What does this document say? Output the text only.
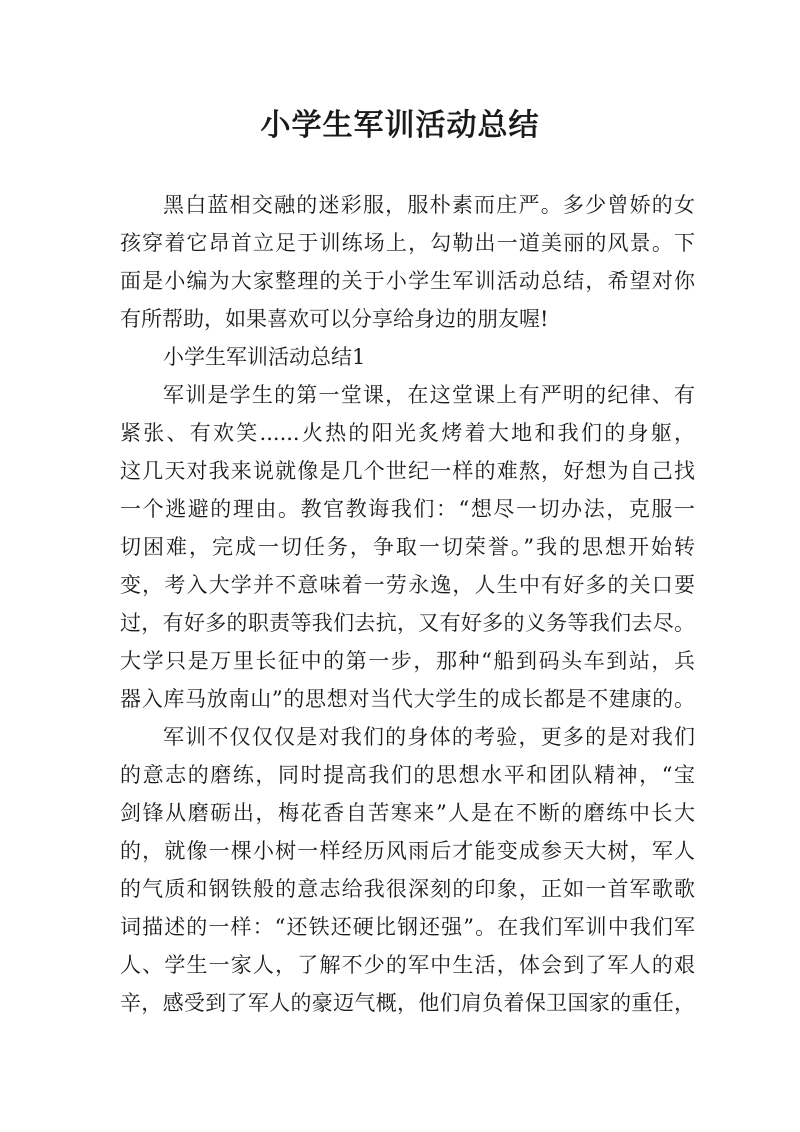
小学生军训活动总结

黑白蓝相交融的迷彩服，服朴素而庄严。多少曾娇的女

孩穿着它昂首立足于训练场上，勾勒出一道美丽的风景。下

面是小编为大家整理的关于小学生军训活动总结，希望对你

有所帮助，如果喜欢可以分享给身边的朋友喔!

小学生军训活动总结1

军训是学生的第一堂课，在这堂课上有严明的纪律、有

紧张、有欢笑......火热的阳光炙烤着大地和我们的身躯，

这几天对我来说就像是几个世纪一样的难熬，好想为自己找

一个逃避的理由。教官教诲我们：“想尽一切办法，克服一

切困难，完成一切任务，争取一切荣誉。”我的思想开始转

变，考入大学并不意味着一劳永逸，人生中有好多的关口要

过，有好多的职责等我们去抗，又有好多的义务等我们去尽。

大学只是万里长征中的第一步，那种“船到码头车到站，兵

器入库马放南山”的思想对当代大学生的成长都是不建康的。

军训不仅仅仅是对我们的身体的考验，更多的是对我们

的意志的磨练，同时提高我们的思想水平和团队精神，“宝

剑锋从磨砺出，梅花香自苦寒来”人是在不断的磨练中长大

的，就像一棵小树一样经历风雨后才能变成参天大树，军人

的气质和钢铁般的意志给我很深刻的印象，正如一首军歌歌

词描述的一样：“还铁还硬比钢还强”。在我们军训中我们军

人、学生一家人，了解不少的军中生活，体会到了军人的艰

辛，感受到了军人的豪迈气概，他们肩负着保卫国家的重任，
